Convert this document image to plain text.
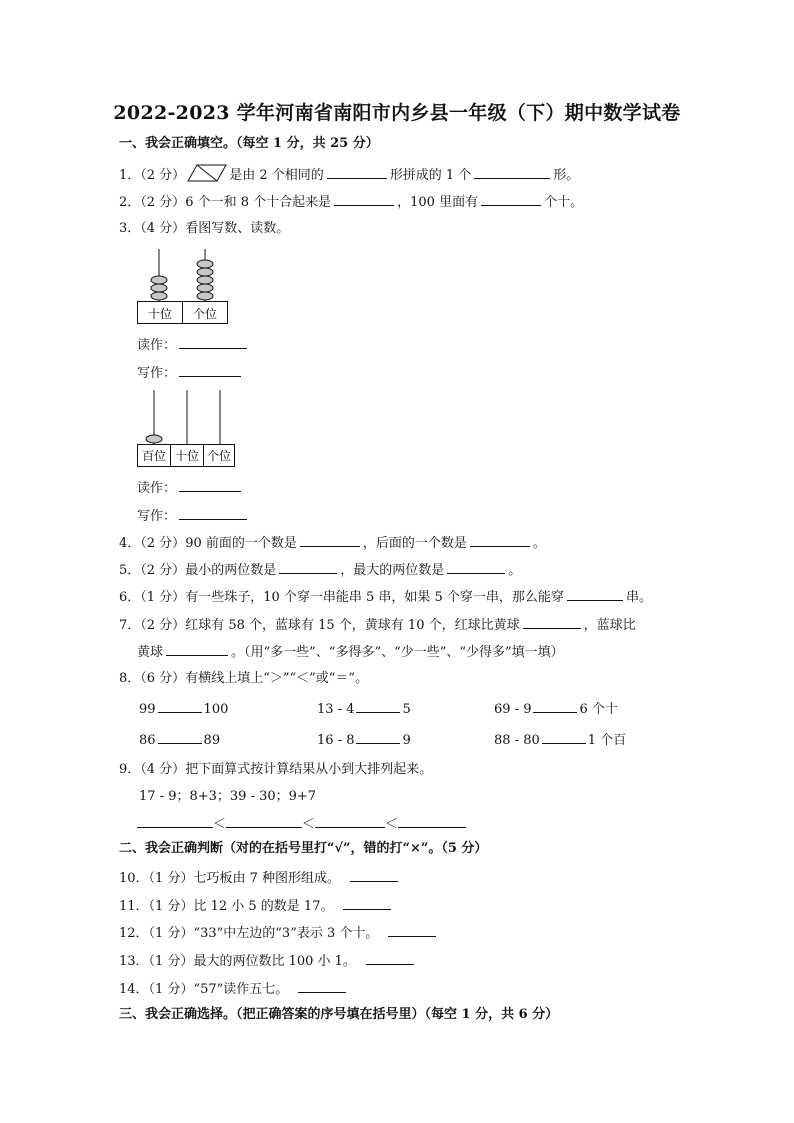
2022-2023 学年河南省南阳市内乡县一年级（下）期中数学试卷
一、我会正确填空。（每空 1 分，共 25 分）
1．（2 分）	是由 2 个相同的	形拼成的 1 个	形。
2．（2 分）6 个一和 8 个十合起来是	，100 里面有	个十。
3．（4 分）看图写数、读数。
十位 个位
读作：
写作：
百位 十位 个位
读作：
写作：
4．（2 分）90 前面的一个数是	，后面的一个数是	。
5．（2 分）最小的两位数是	，最大的两位数是	。
6．（1 分）有一些珠子，10 个穿一串能串 5 串，如果 5 个穿一串，那么能穿	串。
7．（2 分）红球有 58 个，蓝球有 15 个，黄球有 10 个，红球比黄球	，蓝球比
黄球	。（用“多一些”、“多得多”、“少一些”、“少得多”填一填）
8．（6 分）有横线上填上“＞”“＜”或“＝”。
99	100	13 - 4	5	69 - 9	6 个十
86	89	16 - 8	9	88 - 80	1 个百
9．（4 分）把下面算式按计算结果从小到大排列起来。
17 - 9；8+3；39 - 30；9+7
＜	＜	＜
二、我会正确判断（对的在括号里打“√”，错的打“×”。（5 分）
10．（1 分）七巧板由 7 种图形组成。
11．（1 分）比 12 小 5 的数是 17。
12．（1 分）“33”中左边的“3”表示 3 个十。
13．（1 分）最大的两位数比 100 小 1。
14．（1 分）“57”读作五七。
三、我会正确选择。（把正确答案的序号填在括号里）（每空 1 分，共 6 分）
